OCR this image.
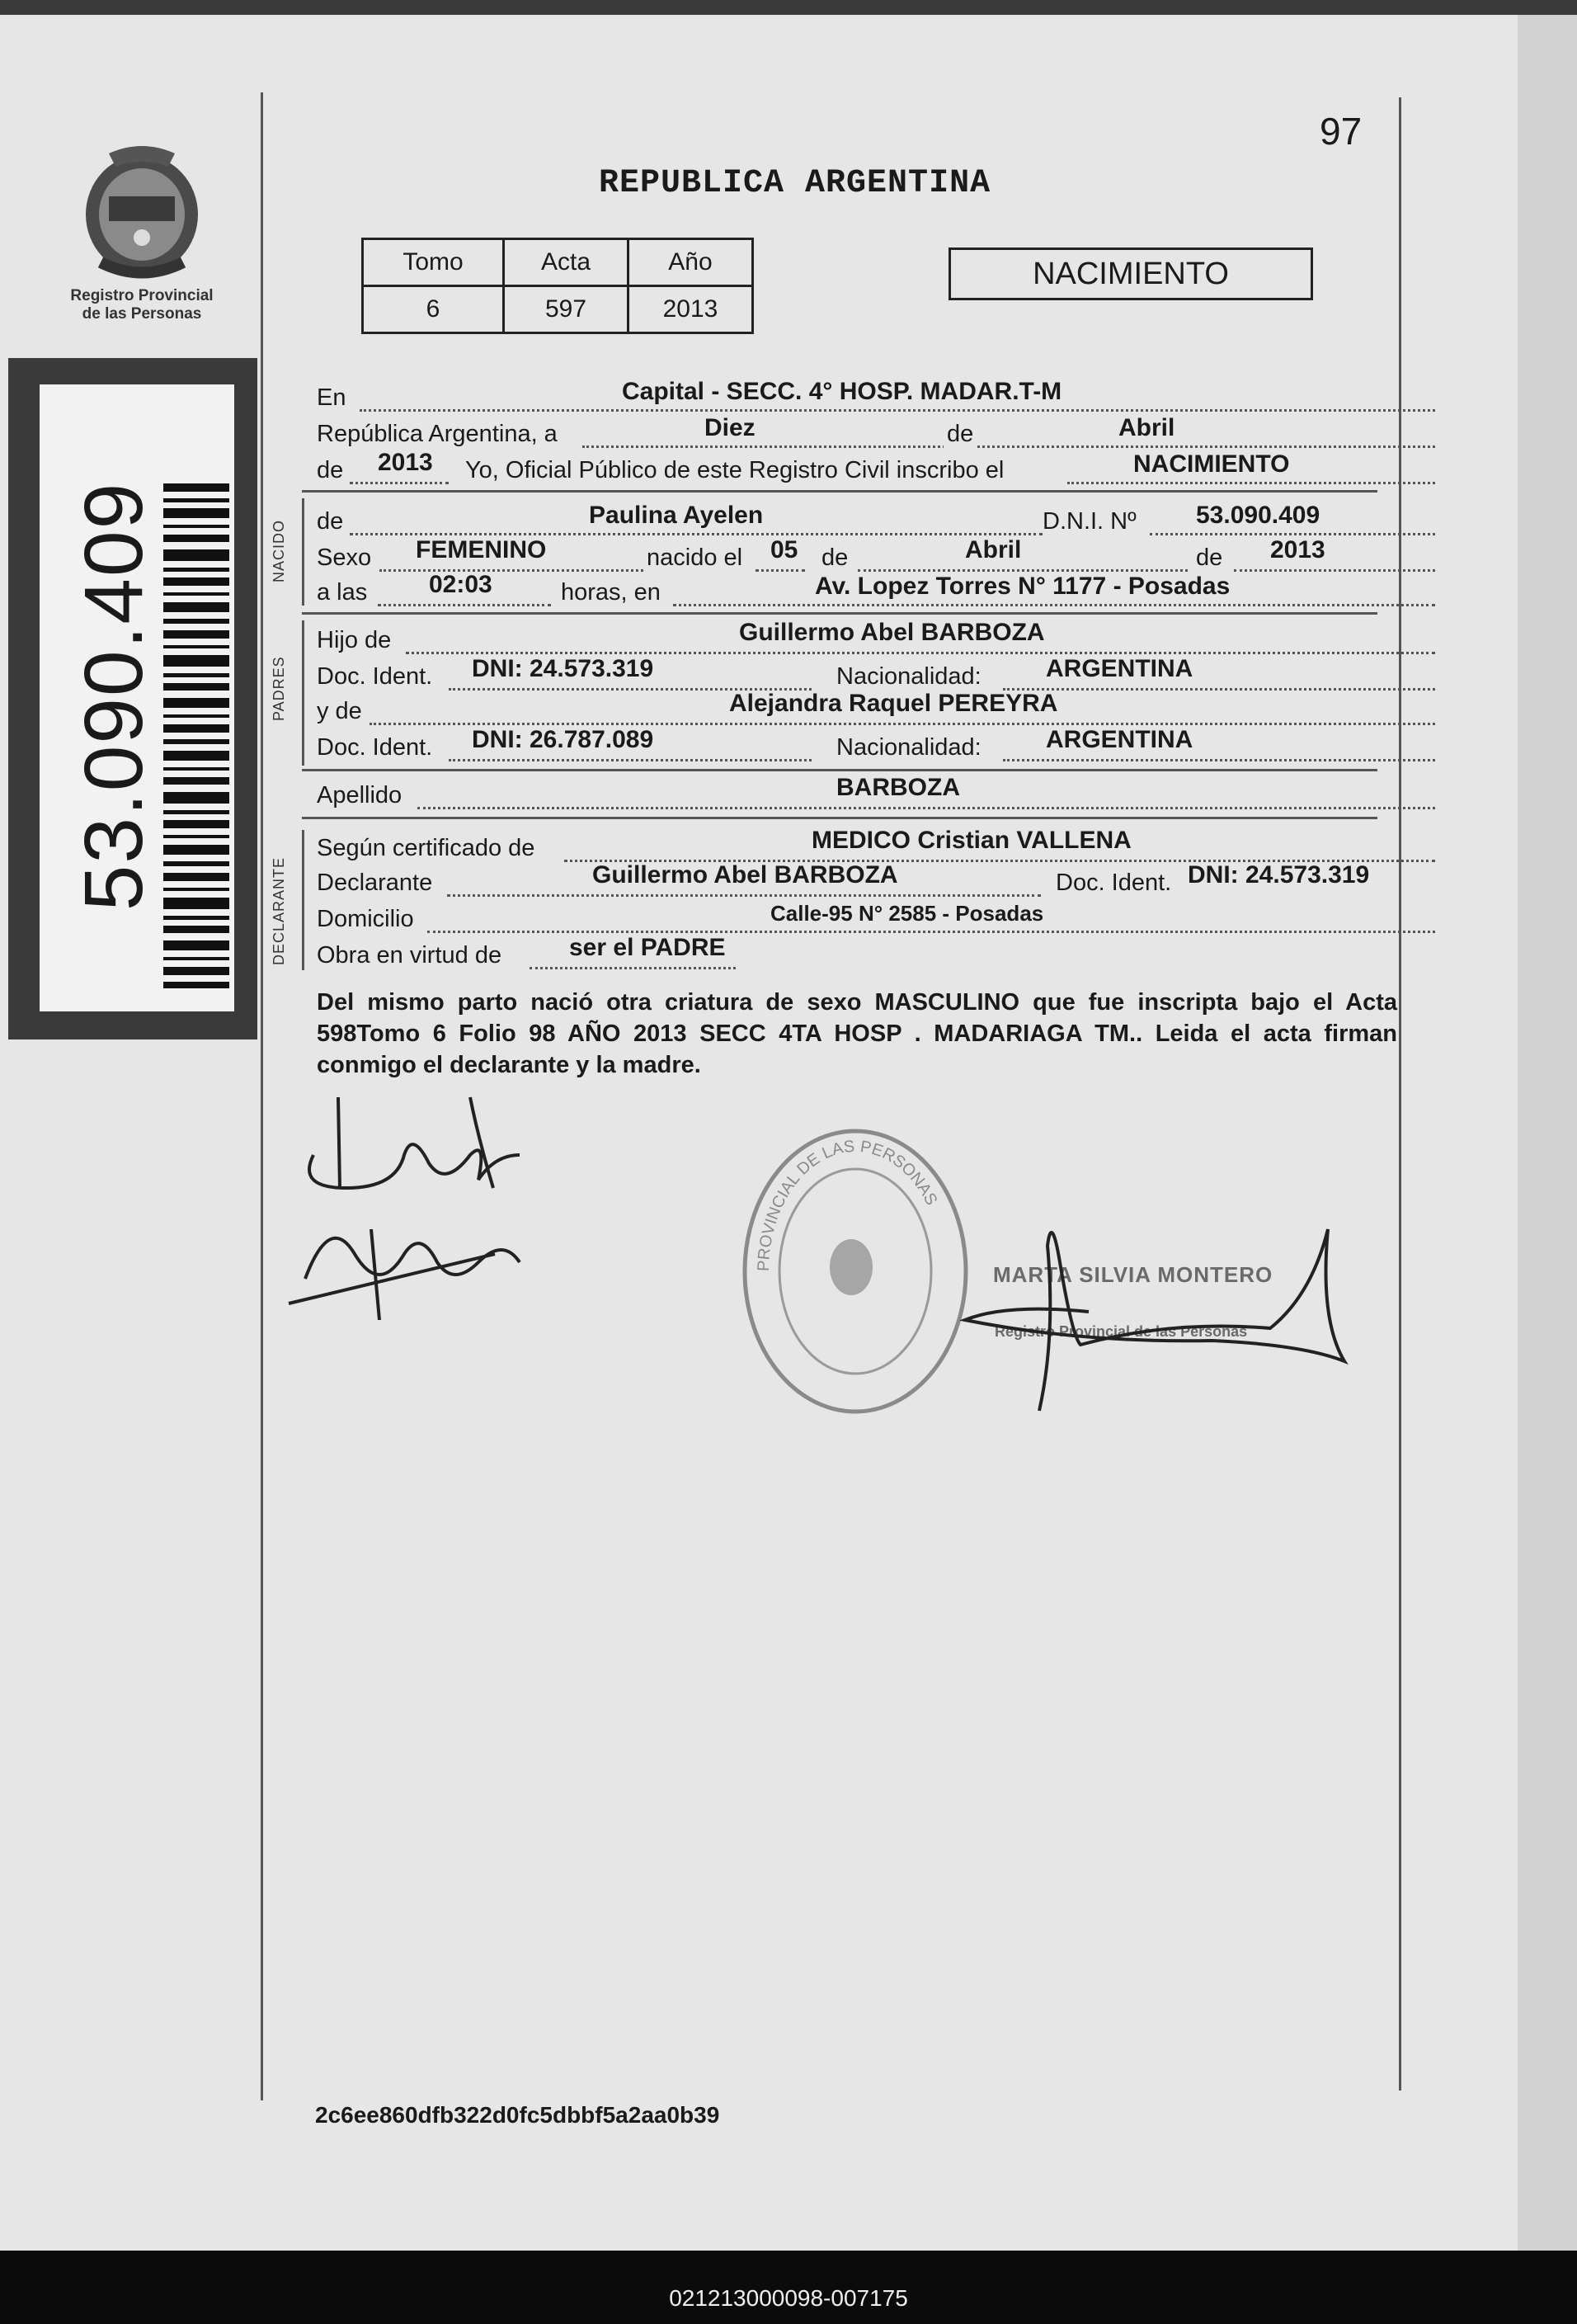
97
Registro Provincial
de las Personas
53.090.409
REPUBLICA ARGENTINA
Tomo	Acta	Año
6	597	2013
NACIMIENTO
En	Capital - SECC. 4° HOSP. MADAR.T-M
República Argentina, a	Diez	de	Abril
de 2013 Yo, Oficial Público de este Registro Civil inscribo el	NACIMIENTO
NACIDO de	Paulina Ayelen	D.N.I. Nº 53.090.409
Sexo FEMENINO	nacido el 05 de	Abril	de 2013
a las 02:03	horas, en	Av. Lopez Torres N° 1177 - Posadas
PADRES
Hijo de	Guillermo Abel BARBOZA
Doc. Ident. DNI: 24.573.319	Nacionalidad:	ARGENTINA
y de	Alejandra Raquel PEREYRA
Doc. Ident. DNI: 26.787.089	Nacionalidad:	ARGENTINA
Apellido	BARBOZA
DECLARANTE
Según certificado de	MEDICO Cristian VALLENA
Declarante	Guillermo Abel BARBOZA	Doc. Ident. DNI: 24.573.319
Domicilio	Calle-95 N° 2585 - Posadas
Obra en virtud de	ser el PADRE
Del mismo parto nació otra criatura de sexo MASCULINO que fue inscripta bajo el Acta 598Tomo 6 Folio 98 AÑO 2013 SECC 4TA HOSP . MADARIAGA TM.. Leida el acta firman conmigo el declarante y la madre.
PROVINCIAL DE LAS PERSONAS
MARTA SILVIA MONTERO
Registro Provincial de las Personas
2c6ee860dfb322d0fc5dbbf5a2aa0b39
021213000098-007175
